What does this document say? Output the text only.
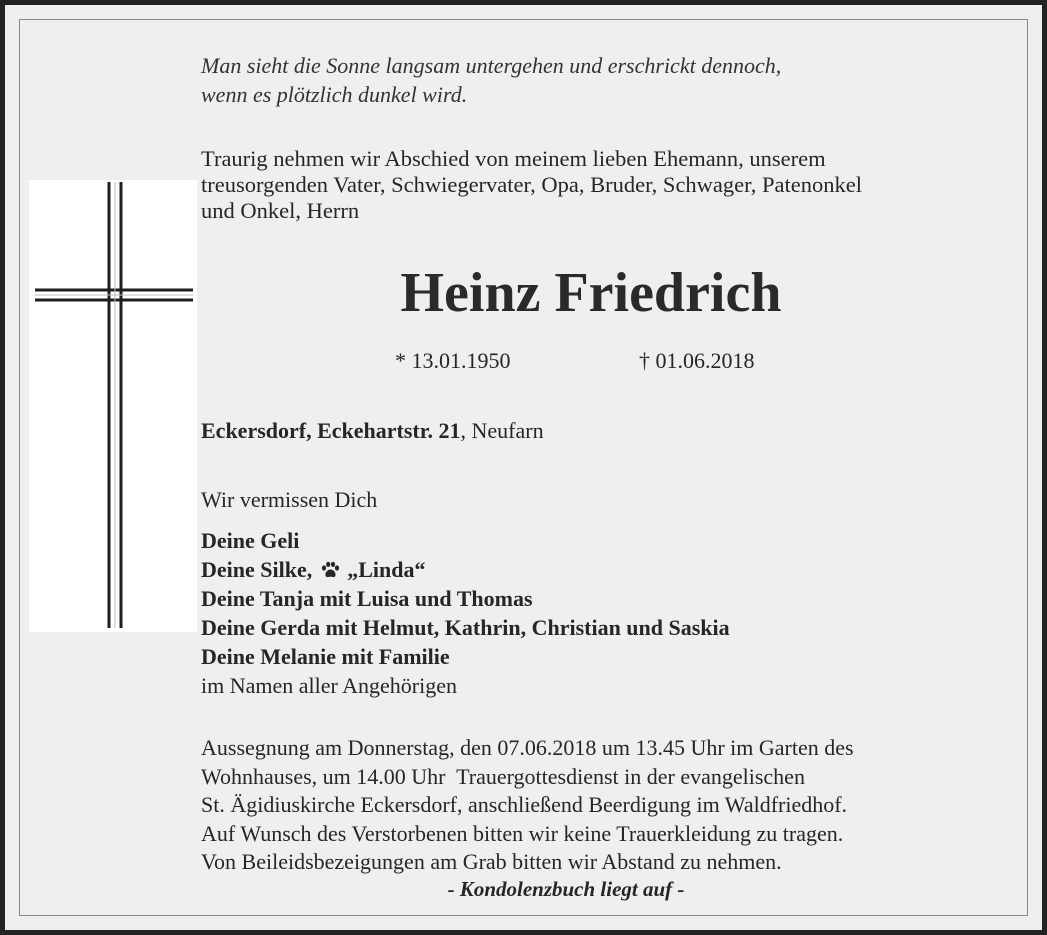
Man sieht die Sonne langsam untergehen und erschrickt dennoch,
wenn es plötzlich dunkel wird.
Traurig nehmen wir Abschied von meinem lieben Ehemann, unserem
treusorgenden Vater, Schwiegervater, Opa, Bruder, Schwager, Patenonkel
und Onkel, Herrn
Heinz Friedrich
* 13.01.1950	† 01.06.2018
Eckersdorf, Eckehartstr. 21, Neufarn
Wir vermissen Dich
Deine Geli
Deine Silke, „Linda“
Deine Tanja mit Luisa und Thomas
Deine Gerda mit Helmut, Kathrin, Christian und Saskia
Deine Melanie mit Familie
im Namen aller Angehörigen
Aussegnung am Donnerstag, den 07.06.2018 um 13.45 Uhr im Garten des
Wohnhauses, um 14.00 Uhr  Trauergottesdienst in der evangelischen
St. Ägidiuskirche Eckersdorf, anschließend Beerdigung im Waldfriedhof.
Auf Wunsch des Verstorbenen bitten wir keine Trauerkleidung zu tragen.
Von Beileidsbezeigungen am Grab bitten wir Abstand zu nehmen.
- Kondolenzbuch liegt auf -
